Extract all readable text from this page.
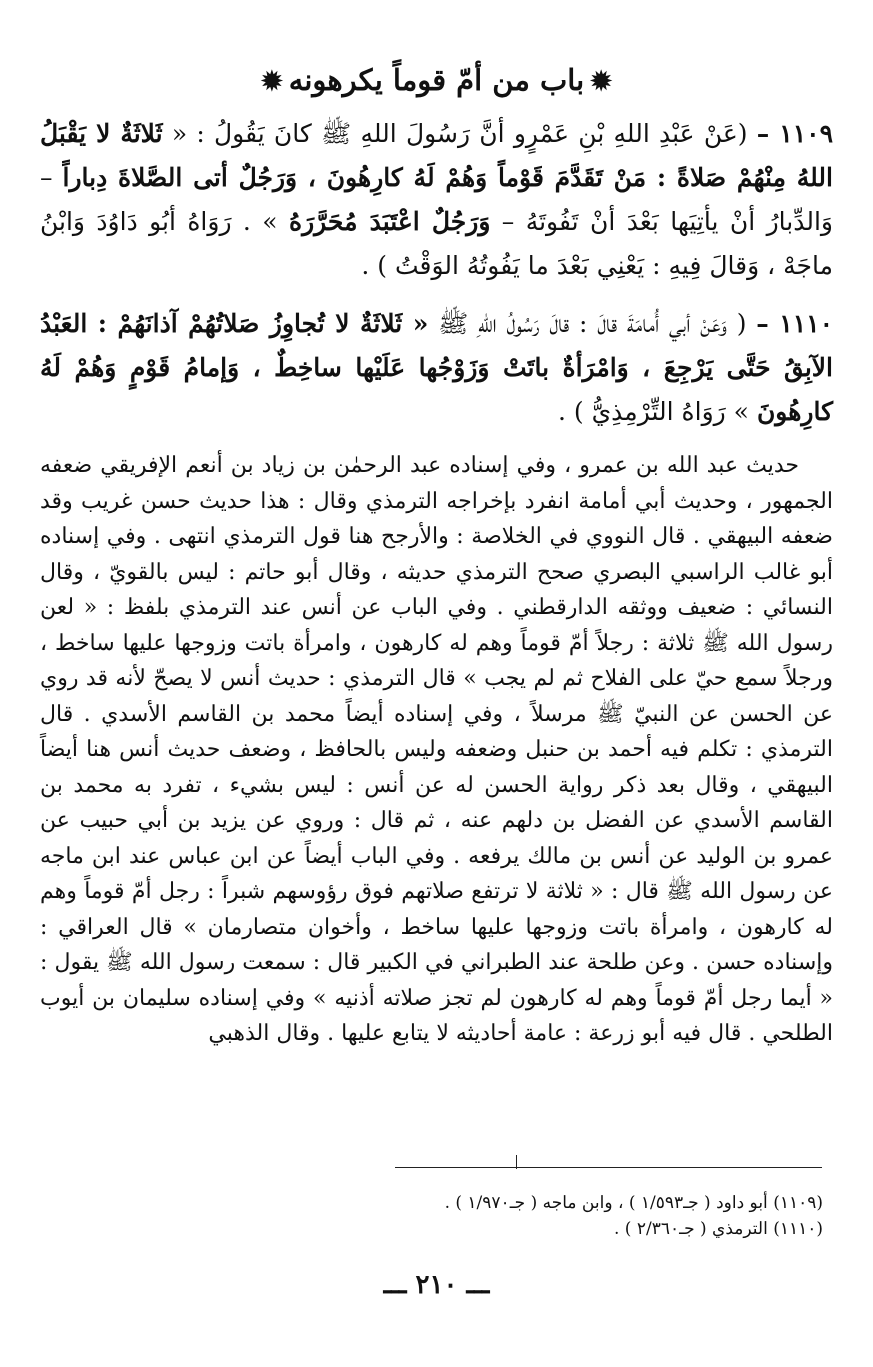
✹باب من أمّ قوماً يكرهونه✹

١١٠٩ – (عَنْ عَبْدِ اللهِ بْنِ عَمْرٍو أنَّ رَسُولَ اللهِ ﷺ كانَ يَقُولُ : « ثَلاثَةٌ لا يَقْبَلُ اللهُ مِنْهُمْ صَلاةً : مَنْ تَقَدَّمَ قَوْماً وَهُمْ لَهُ كارِهُونَ ، وَرَجُلٌ أتى الصَّلاةَ دِباراً – وَالدِّبارُ أنْ يأتِيَها بَعْدَ أنْ تَفُوتَهُ – وَرَجُلٌ اعْتَبَدَ مُحَرَّرَهُ » . رَوَاهُ أبُو دَاوُدَ وَابْنُ ماجَهْ ، وَقالَ فِيهِ : يَعْنِي بَعْدَ ما يَفُوتُهُ الوَقْتُ ) .

١١١٠ – ( وَعَنْ أبي أُمامَةَ قالَ : قالَ رَسُولُ اللهِ ﷺ « ثَلاثَةٌ لا تُجاوِزُ صَلاتُهُمْ آذانَهُمْ : العَبْدُ الآبِقُ حَتَّى يَرْجِعَ ، وَامْرَأةٌ باتَتْ وَزَوْجُها عَلَيْها ساخِطٌ ، وَإمامُ قَوْمٍ وَهُمْ لَهُ كارِهُونَ » رَوَاهُ التِّرْمِذِيُّ ) .

حديث عبد الله بن عمرو ، وفي إسناده عبد الرحمٰن بن زياد بن أنعم الإفريقي ضعفه الجمهور ، وحديث أبي أمامة انفرد بإخراجه الترمذي وقال : هذا حديث حسن غريب وقد ضعفه البيهقي . قال النووي في الخلاصة : والأرجح هنا قول الترمذي انتهى . وفي إسناده أبو غالب الراسبي البصري صحح الترمذي حديثه ، وقال أبو حاتم : ليس بالقويّ ، وقال النسائي : ضعيف ووثقه الدارقطني . وفي الباب عن أنس عند الترمذي بلفظ : « لعن رسول الله ﷺ ثلاثة : رجلاً أمّ قوماً وهم له كارهون ، وامرأة باتت وزوجها عليها ساخط ، ورجلاً سمع حيّ على الفلاح ثم لم يجب » قال الترمذي : حديث أنس لا يصحّ لأنه قد روي عن الحسن عن النبيّ ﷺ مرسلاً ، وفي إسناده أيضاً محمد بن القاسم الأسدي . قال الترمذي : تكلم فيه أحمد بن حنبل وضعفه وليس بالحافظ ، وضعف حديث أنس هنا أيضاً البيهقي ، وقال بعد ذكر رواية الحسن له عن أنس : ليس بشيء ، تفرد به محمد بن القاسم الأسدي عن الفضل بن دلهم عنه ، ثم قال : وروي عن يزيد بن أبي حبيب عن عمرو بن الوليد عن أنس بن مالك يرفعه . وفي الباب أيضاً عن ابن عباس عند ابن ماجه عن رسول الله ﷺ قال : « ثلاثة لا ترتفع صلاتهم فوق رؤوسهم شبراً : رجل أمّ قوماً وهم له كارهون ، وامرأة باتت وزوجها عليها ساخط ، وأخوان متصارمان » قال العراقي : وإسناده حسن . وعن طلحة عند الطبراني في الكبير قال : سمعت رسول الله ﷺ يقول : « أيما رجل أمّ قوماً وهم له كارهون لم تجز صلاته أذنيه » وفي إسناده سليمان بن أيوب الطلحي . قال فيه أبو زرعة : عامة أحاديثه لا يتابع عليها . وقال الذهبي

(١١٠٩) أبو داود ( جـ١/٥٩٣ ) ، وابن ماجه ( جـ١/٩٧٠ ) .
(١١١٠) الترمذي ( جـ٢/٣٦٠ ) .
ـــ ٢١٠ ـــ
